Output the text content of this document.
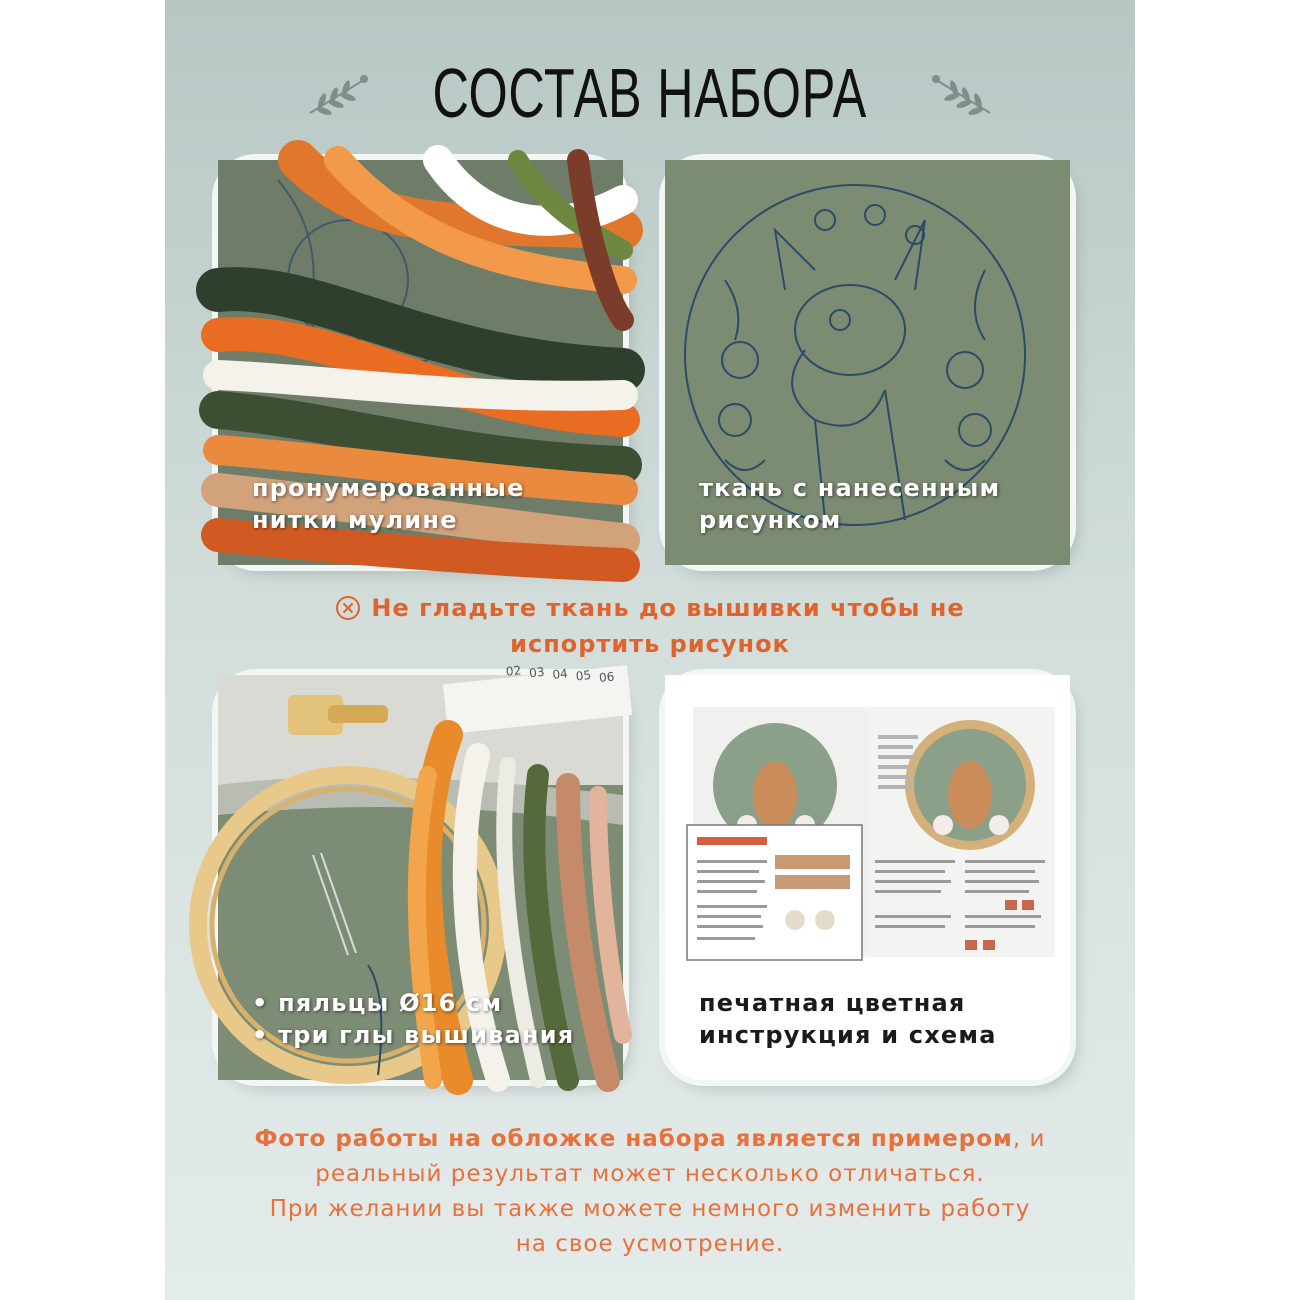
СОСТАВ НАБОРА
пронумерованные
нитки мулине
ткань с нанесенным
рисунком
Не гладьте ткань до вышивки чтобы не
испортить рисунок
02 03 04 05 06
• пяльцы Ø16 см
• три глы вышивания
печатная цветная
инструкция и схема
Фото работы на обложке набора является примером, и
реальный результат может несколько отличаться.
При желании вы также можете немного изменить работу
на свое усмотрение.
